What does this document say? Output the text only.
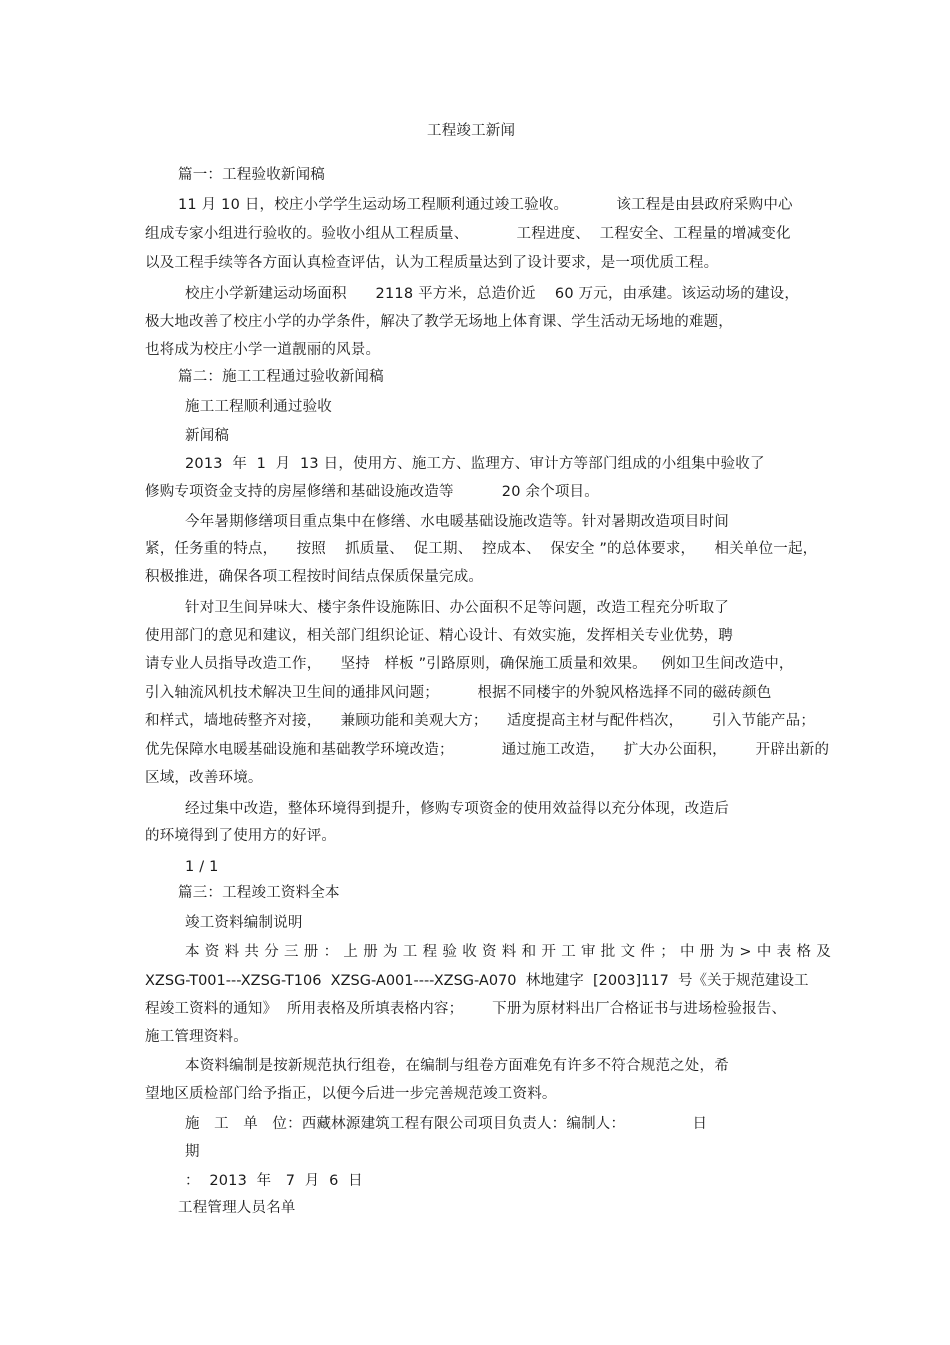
工程竣工新闻
篇一：工程验收新闻稿
11 月 10 日，校庄小学学生运动场工程顺利通过竣工验收。          该工程是由县政府采购中心
组成专家小组进行验收的。验收小组从工程质量、          工程进度、  工程安全、工程量的增减变化
以及工程手续等各方面认真检查评估，认为工程质量达到了设计要求，是一项优质工程。
校庄小学新建运动场面积      2118 平方米，总造价近    60 万元，由承建。该运动场的建设，
极大地改善了校庄小学的办学条件，解决了教学无场地上体育课、学生活动无场地的难题，
也将成为校庄小学一道靓丽的风景。
篇二：施工工程通过验收新闻稿
施工工程顺利通过验收
新闻稿
2013  年  1  月  13 日，使用方、施工方、监理方、审计方等部门组成的小组集中验收了
修购专项资金支持的房屋修缮和基础设施改造等          20 余个项目。
今年暑期修缮项目重点集中在修缮、水电暖基础设施改造等。针对暑期改造项目时间
紧，任务重的特点，    按照    抓质量、  促工期、  控成本、  保安全 ”的总体要求，    相关单位一起，
积极推进，确保各项工程按时间结点保质保量完成。
针对卫生间异味大、楼宇条件设施陈旧、办公面积不足等问题，改造工程充分听取了
使用部门的意见和建议，相关部门组织论证、精心设计、有效实施，发挥相关专业优势，聘
请专业人员指导改造工作，    坚持   样板 ”引路原则，确保施工质量和效果。   例如卫生间改造中，
引入轴流风机技术解决卫生间的通排风问题；        根据不同楼宇的外貌风格选择不同的磁砖颜色
和样式，墙地砖整齐对接，    兼顾功能和美观大方；    适度提高主材与配件档次，      引入节能产品；
优先保障水电暖基础设施和基础教学环境改造；          通过施工改造，    扩大办公面积，      开辟出新的
区域，改善环境。
经过集中改造，整体环境得到提升，修购专项资金的使用效益得以充分体现，改造后
的环境得到了使用方的好评。
1 / 1
篇三：工程竣工资料全本
竣工资料编制说明
本资料共分三册：上册为工程验收资料和开工审批文件；中册为>中表格及
XZSG-T001---XZSG-T106  XZSG-A001----XZSG-A070  林地建字  [2003]117  号《关于规范建设工
程竣工资料的通知》  所用表格及所填表格内容；      下册为原材料出厂合格证书与进场检验报告、
施工管理资料。
本资料编制是按新规范执行组卷，在编制与组卷方面难免有许多不符合规范之处，希
望地区质检部门给予指正，以便今后进一步完善规范竣工资料。
施   工   单   位：西藏林源建筑工程有限公司项目负责人：编制人：              日
期
：  2013  年   7  月  6  日
工程管理人员名单
